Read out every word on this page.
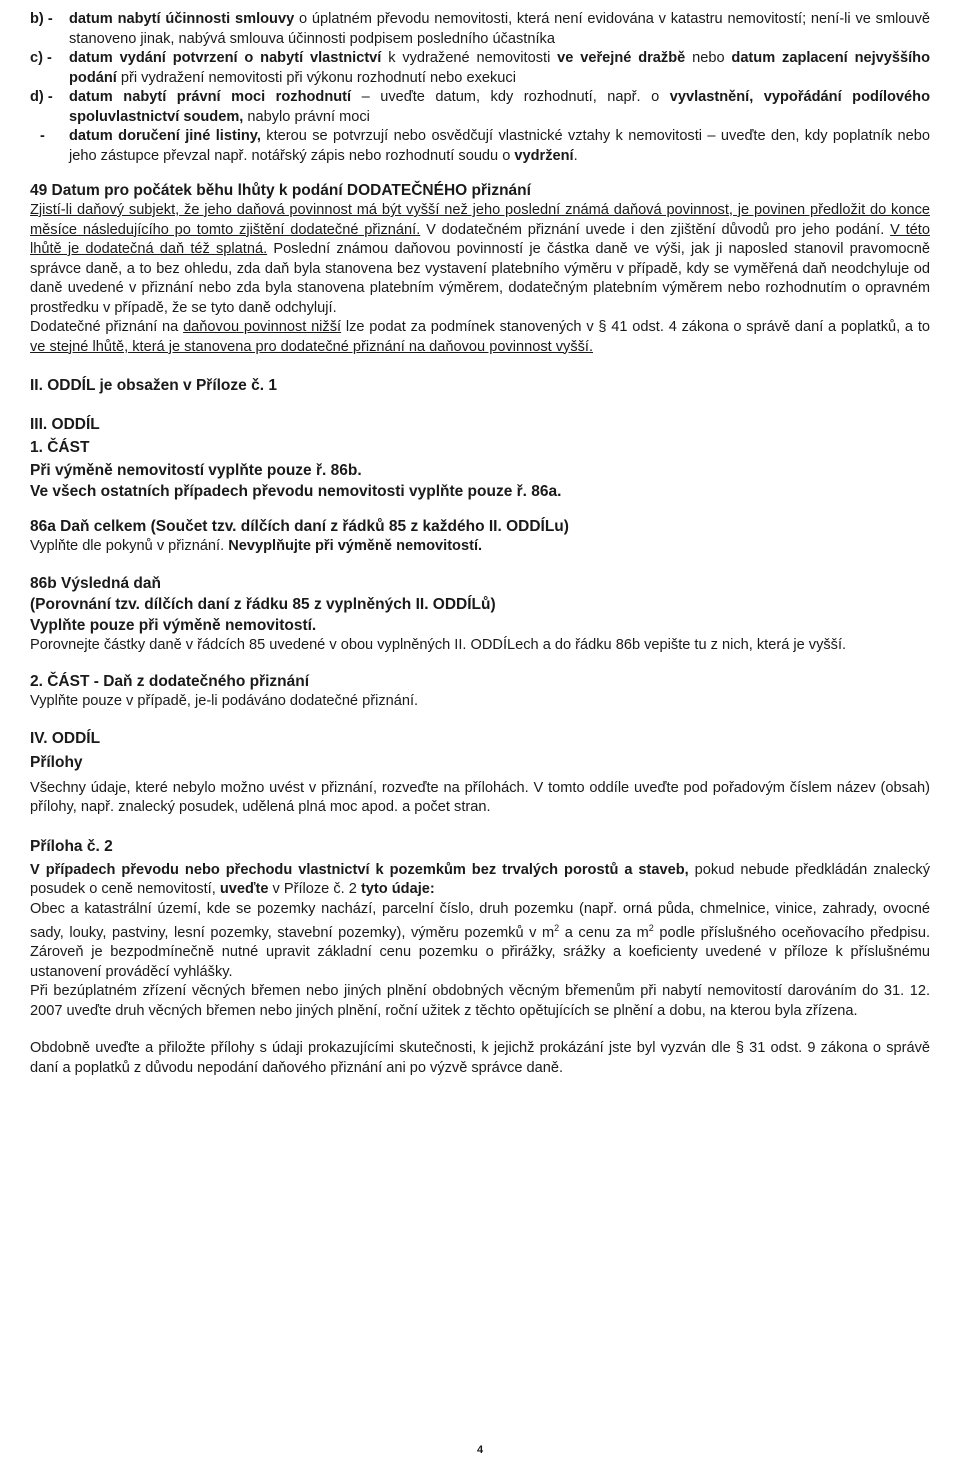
b) - datum nabytí účinnosti smlouvy o úplatném převodu nemovitosti, která není evidována v katastru nemovitostí; není-li ve smlouvě stanoveno jinak, nabývá smlouva účinnosti podpisem posledního účastníka
c) - datum vydání potvrzení o nabytí vlastnictví k vydražené nemovitosti ve veřejné dražbě nebo datum zaplacení nejvyššího podání při vydražení nemovitosti při výkonu rozhodnutí nebo exekuci
d) - datum nabytí právní moci rozhodnutí – uveďte datum, kdy rozhodnutí, např. o vyvlastnění, vypořádání podílového spoluvlastnictví soudem, nabylo právní moci
- datum doručení jiné listiny, kterou se potvrzují nebo osvědčují vlastnické vztahy k nemovitosti – uveďte den, kdy poplatník nebo jeho zástupce převzal např. notářský zápis nebo rozhodnutí soudu o vydržení.

49 Datum pro počátek běhu lhůty k podání DODATEČNÉHO přiznání

Zjistí-li daňový subjekt, že jeho daňová povinnost má být vyšší než jeho poslední známá daňová povinnost, je povinen předložit do konce měsíce následujícího po tomto zjištění dodatečné přiznání. V dodatečném přiznání uvede i den zjištění důvodů pro jeho podání. V této lhůtě je dodatečná daň též splatná. Poslední známou daňovou povinností je částka daně ve výši, jak ji naposled stanovil pravomocně správce daně, a to bez ohledu, zda daň byla stanovena bez vystavení platebního výměru v případě, kdy se vyměřená daň neodchyluje od daně uvedené v přiznání nebo zda byla stanovena platebním výměrem, dodatečným platebním výměrem nebo rozhodnutím o opravném prostředku v případě, že se tyto daně odchylují.

Dodatečné přiznání na daňovou povinnost nižší lze podat za podmínek stanovených v § 41 odst. 4 zákona o správě daní a poplatků, a to ve stejné lhůtě, která je stanovena pro dodatečné přiznání na daňovou povinnost vyšší.

II. ODDÍL je obsažen v Příloze č. 1

III. ODDÍL

1. ČÁST

Při výměně nemovitostí vyplňte pouze ř. 86b.

Ve všech ostatních případech převodu nemovitosti vyplňte pouze ř. 86a.

86a Daň celkem (Součet tzv. dílčích daní z řádků 85 z každého II. ODDÍLu)

Vyplňte dle pokynů v přiznání. Nevyplňujte při výměně nemovitostí.

86b Výsledná daň

(Porovnání tzv. dílčích daní z řádku 85 z vyplněných II. ODDÍLů)

Vyplňte pouze při výměně nemovitostí.

Porovnejte částky daně v řádcích 85 uvedené v obou vyplněných II. ODDÍLech a do řádku 86b vepište tu z nich, která je vyšší.

2. ČÁST - Daň z dodatečného přiznání

Vyplňte pouze v případě, je-li podáváno dodatečné přiznání.

IV. ODDÍL

Přílohy

Všechny údaje, které nebylo možno uvést v přiznání, rozveďte na přílohách. V tomto oddíle uveďte pod pořadovým číslem název (obsah) přílohy, např. znalecký posudek, udělená plná moc apod. a počet stran.

Příloha č. 2

V případech převodu nebo přechodu vlastnictví k pozemkům bez trvalých porostů a staveb, pokud nebude předkládán znalecký posudek o ceně nemovitostí, uveďte v Příloze č. 2 tyto údaje:

Obec a katastrální území, kde se pozemky nachází, parcelní číslo, druh pozemku (např. orná půda, chmelnice, vinice, zahrady, ovocné sady, louky, pastviny, lesní pozemky, stavební pozemky), výměru pozemků v $m^2$ a cenu za $m^2$ podle příslušného oceňovacího předpisu. Zároveň je bezpodmínečně nutné upravit základní cenu pozemku o přirážky, srážky a koeficienty uvedené v příloze k příslušnému ustanovení prováděcí vyhlášky.

Při bezúplatném zřízení věcných břemen nebo jiných plnění obdobných věcným břemenům při nabytí nemovitostí darováním do 31. 12. 2007 uveďte druh věcných břemen nebo jiných plnění, roční užitek z těchto opětujících se plnění a dobu, na kterou byla zřízena.

Obdobně uveďte a přiložte přílohy s údaji prokazujícími skutečnosti, k jejichž prokázání jste byl vyzván dle § 31 odst. 9 zákona o správě daní a poplatků z důvodu nepodání daňového přiznání ani po výzvě správce daně.

4
